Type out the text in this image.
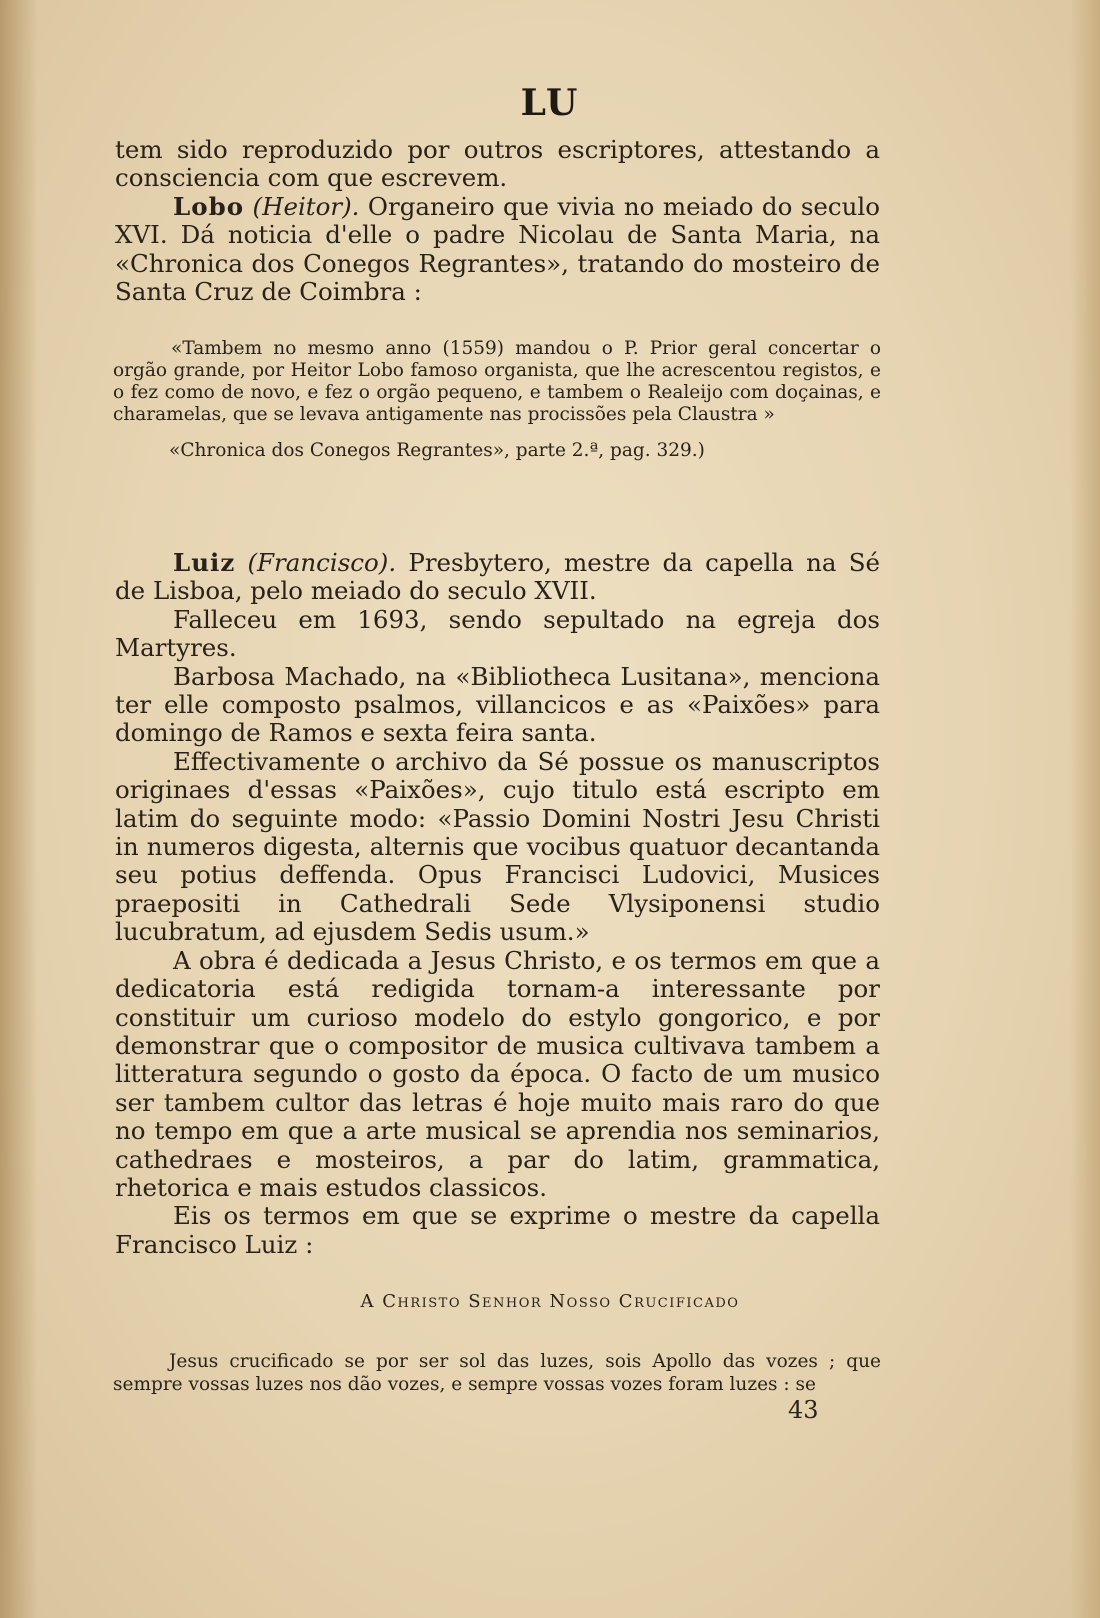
LU

tem sido reproduzido por outros escriptores, attestando a consciencia com que escrevem.

Lobo (Heitor). Organeiro que vivia no meiado do seculo XVI. Dá noticia d'elle o padre Nicolau de Santa Maria, na «Chronica dos Conegos Regrantes», tratando do mosteiro de Santa Cruz de Coimbra :

«Tambem no mesmo anno (1559) mandou o P. Prior geral concertar o orgão grande, por Heitor Lobo famoso organista, que lhe acrescentou registos, e o fez como de novo, e fez o orgão pequeno, e tambem o Realeijo com doçainas, e charamelas, que se levava antigamente nas procissões pela Claustra »

«Chronica dos Conegos Regrantes», parte 2.ª, pag. 329.)

Luiz (Francisco). Presbytero, mestre da capella na Sé de Lisboa, pelo meiado do seculo XVII.

Falleceu em 1693, sendo sepultado na egreja dos Martyres.

Barbosa Machado, na «Bibliotheca Lusitana», menciona ter elle composto psalmos, villancicos e as «Paixões» para domingo de Ramos e sexta feira santa.

Effectivamente o archivo da Sé possue os manuscriptos originaes d'essas «Paixões», cujo titulo está escripto em latim do seguinte modo: «Passio Domini Nostri Jesu Christi in numeros digesta, alternis que vocibus quatuor decantanda seu potius deffenda. Opus Francisci Ludovici, Musices praepositi in Cathedrali Sede Vlysiponensi studio lucubratum, ad ejusdem Sedis usum.»

A obra é dedicada a Jesus Christo, e os termos em que a dedicatoria está redigida tornam-a interessante por constituir um curioso modelo do estylo gongorico, e por demonstrar que o compositor de musica cultivava tambem a litteratura segundo o gosto da época. O facto de um musico ser tambem cultor das letras é hoje muito mais raro do que no tempo em que a arte musical se aprendia nos seminarios, cathedraes e mosteiros, a par do latim, grammatica, rhetorica e mais estudos classicos.

Eis os termos em que se exprime o mestre da capella Francisco Luiz :

A Christo Senhor Nosso Crucificado

Jesus crucificado se por ser sol das luzes, sois Apollo das vozes ; que sempre vossas luzes nos dão vozes, e sempre vossas vozes foram luzes : se

43
